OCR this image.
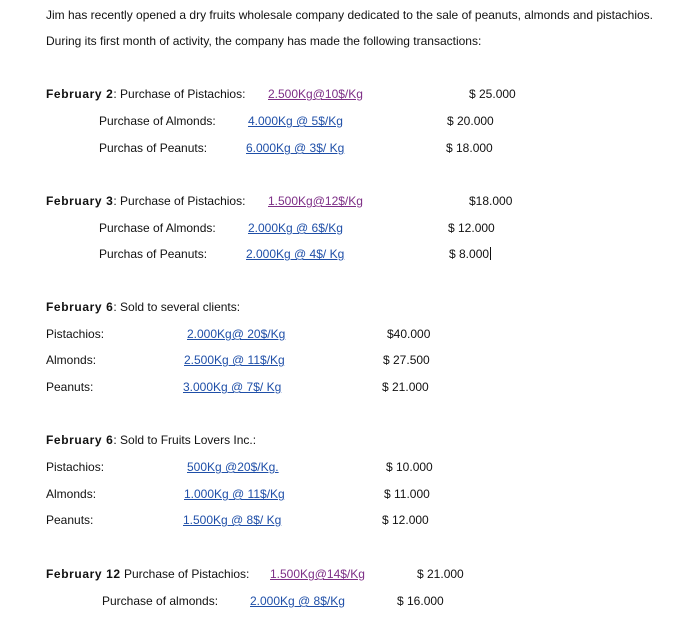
Jim has recently opened a dry fruits wholesale company dedicated to the sale of peanuts, almonds and pistachios.
During its first month of activity, the company has made the following transactions:
February 2: Purchase of Pistachios: 2.500Kg@10$/Kg	$ 25.000
Purchase of Almonds:	4.000Kg @ 5$/Kg	$ 20.000
Purchas of Peanuts:	6.000Kg @ 3$/ Kg	$ 18.000
February 3: Purchase of Pistachios: 1.500Kg@12$/Kg	$18.000
Purchase of Almonds:	2.000Kg @ 6$/Kg	$ 12.000
Purchas of Peanuts:	2.000Kg @ 4$/ Kg	$ 8.000
February 6: Sold to several clients:
Pistachios:	2.000Kg@ 20$/Kg	$40.000
Almonds:	2.500Kg @ 11$/Kg	$ 27.500
Peanuts:	3.000Kg @ 7$/ Kg	$ 21.000
February 6: Sold to Fruits Lovers Inc.:
Pistachios:	500Kg @20$/Kg.	$ 10.000
Almonds:	1.000Kg @ 11$/Kg	$ 11.000
Peanuts:	1.500Kg @ 8$/ Kg	$ 12.000
February 12 Purchase of Pistachios: 1.500Kg@14$/Kg	$ 21.000
Purchase of almonds:	2.000Kg @ 8$/Kg	$ 16.000
